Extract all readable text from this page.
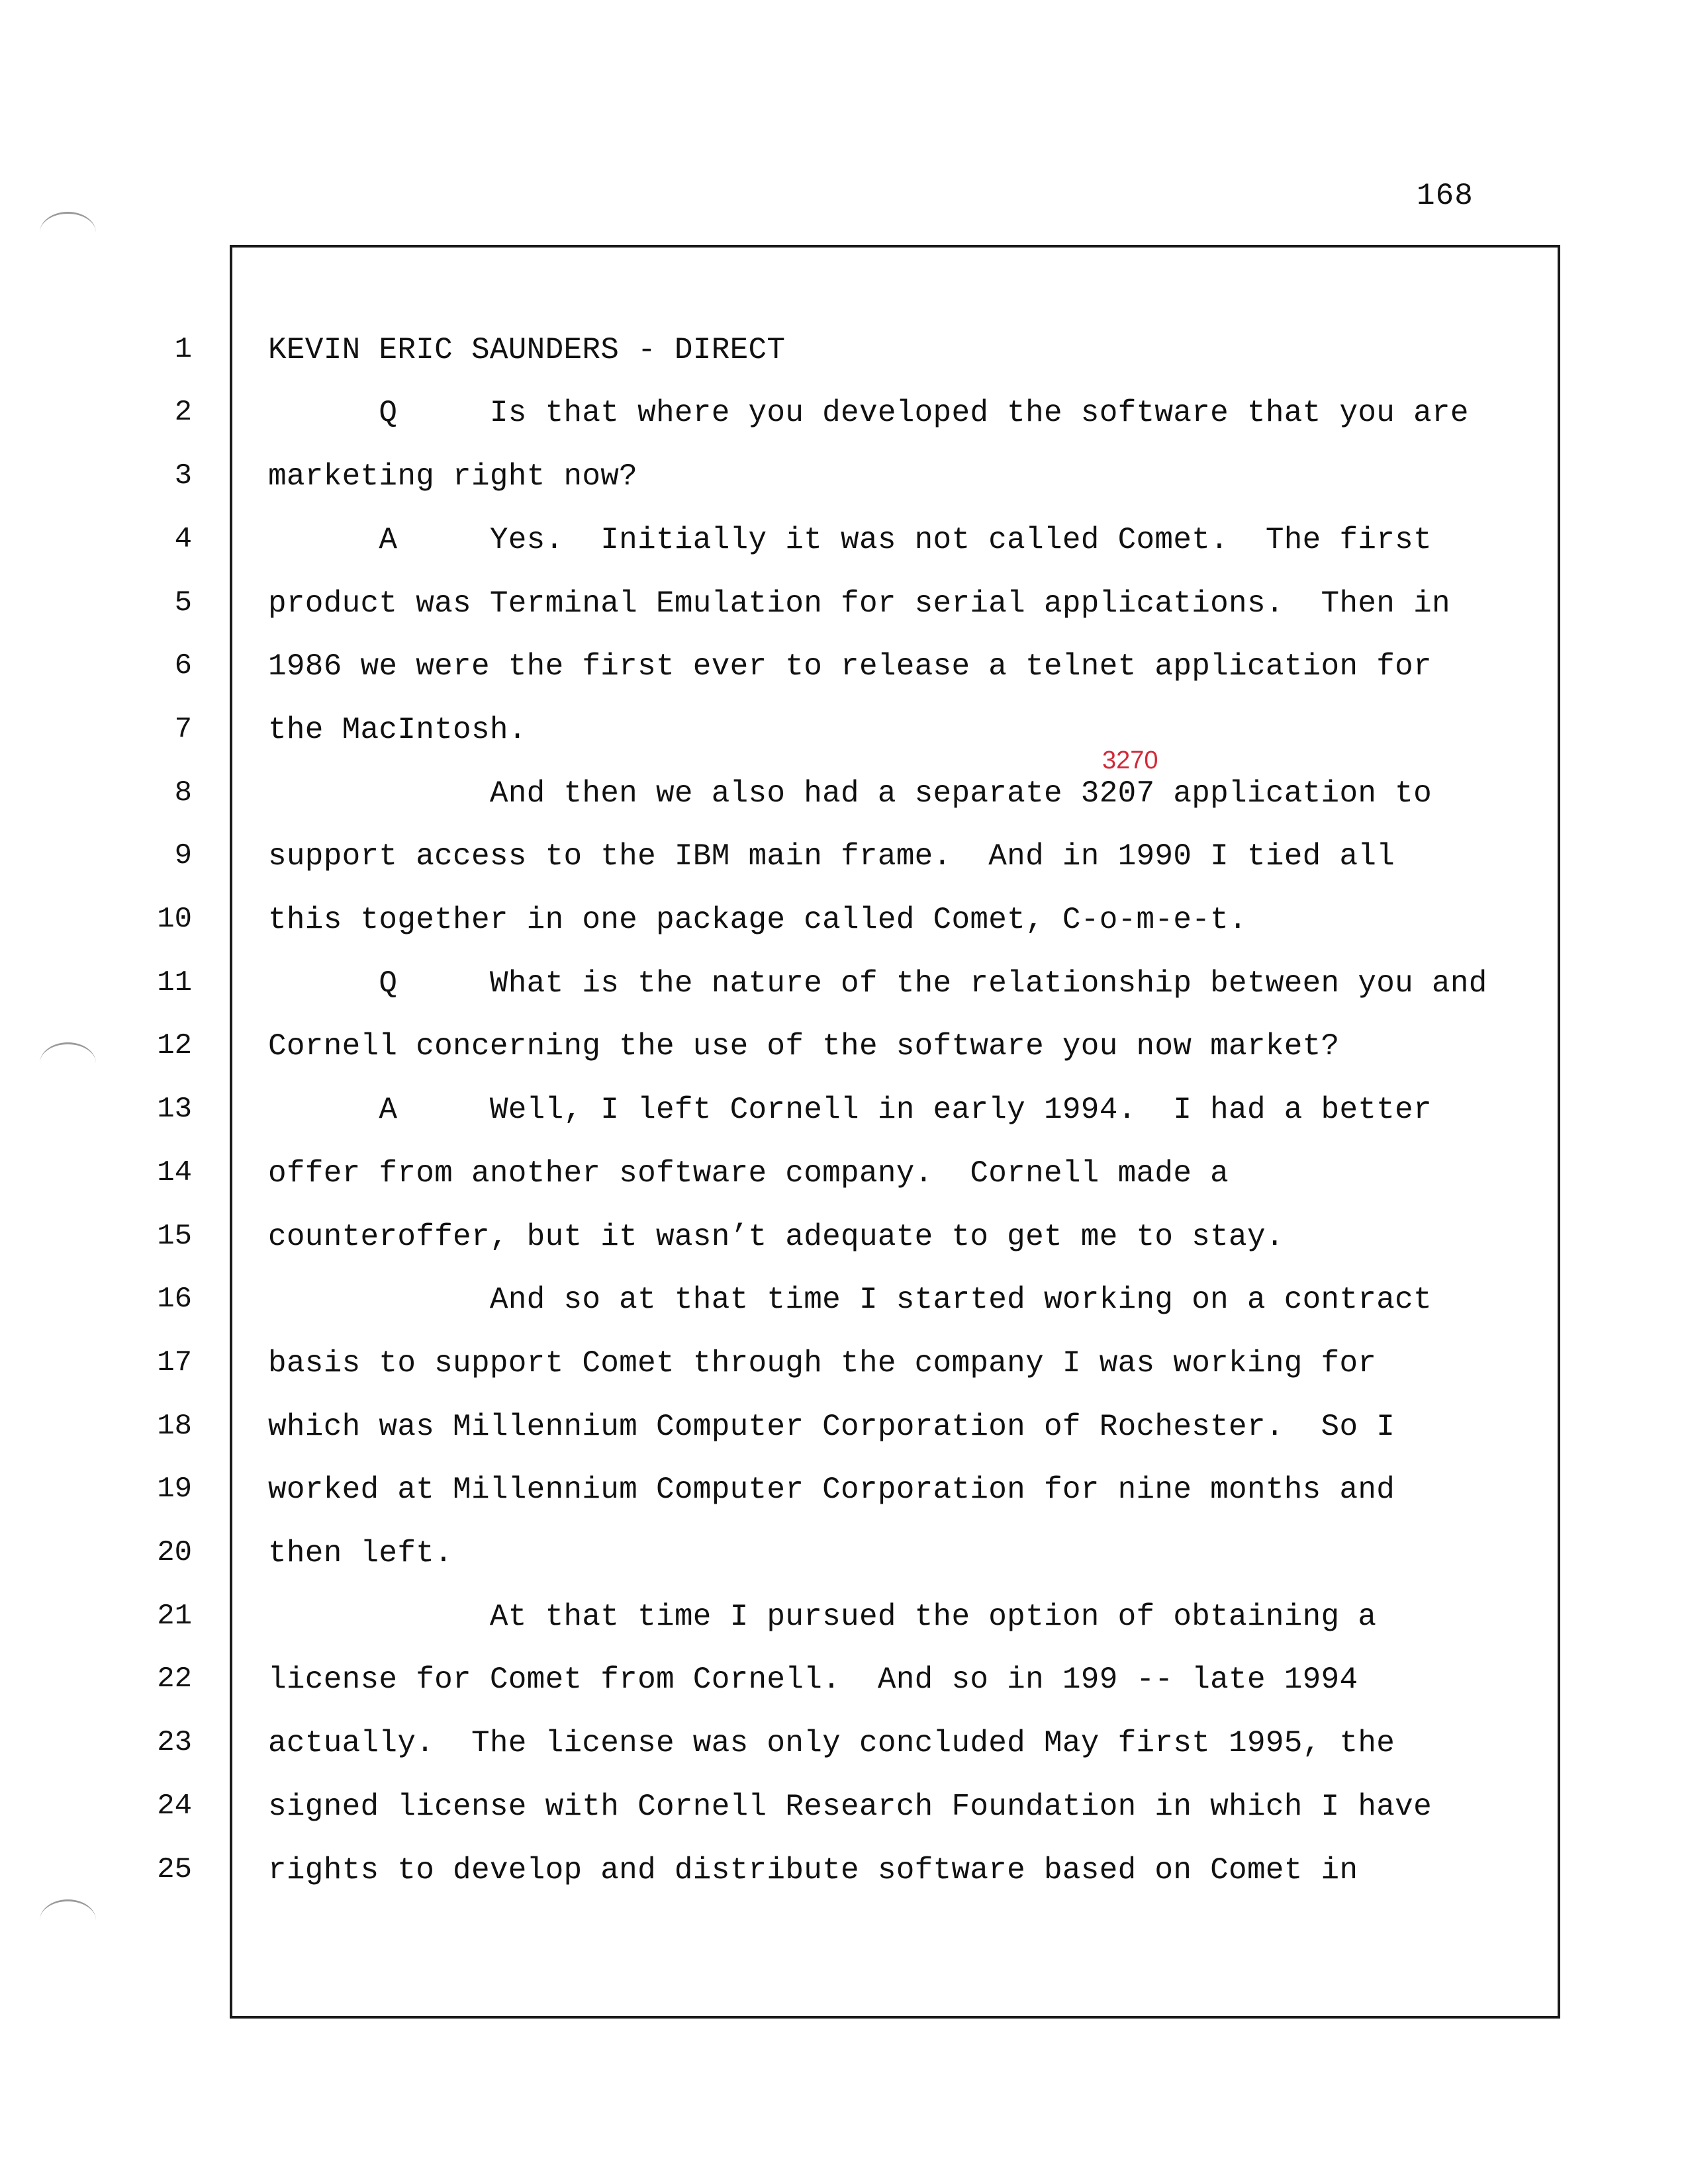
168
3270
1
2
3
4
5
6
7
8
9
10
11
12
13
14
15
16
17
18
19
20
21
22
23
24
25
KEVIN ERIC SAUNDERS - DIRECT
Q     Is that where you developed the software that you are
marketing right now?
A     Yes.  Initially it was not called Comet.  The first
product was Terminal Emulation for serial applications.  Then in
1986 we were the first ever to release a telnet application for
the MacIntosh.
And then we also had a separate 3207 application to
support access to the IBM main frame.  And in 1990 I tied all
this together in one package called Comet, C-o-m-e-t.
Q     What is the nature of the relationship between you and
Cornell concerning the use of the software you now market?
A     Well, I left Cornell in early 1994.  I had a better
offer from another software company.  Cornell made a
counteroffer, but it wasn’t adequate to get me to stay.
And so at that time I started working on a contract
basis to support Comet through the company I was working for
which was Millennium Computer Corporation of Rochester.  So I
worked at Millennium Computer Corporation for nine months and
then left.
At that time I pursued the option of obtaining a
license for Comet from Cornell.  And so in 199 -- late 1994
actually.  The license was only concluded May first 1995, the
signed license with Cornell Research Foundation in which I have
rights to develop and distribute software based on Comet in
